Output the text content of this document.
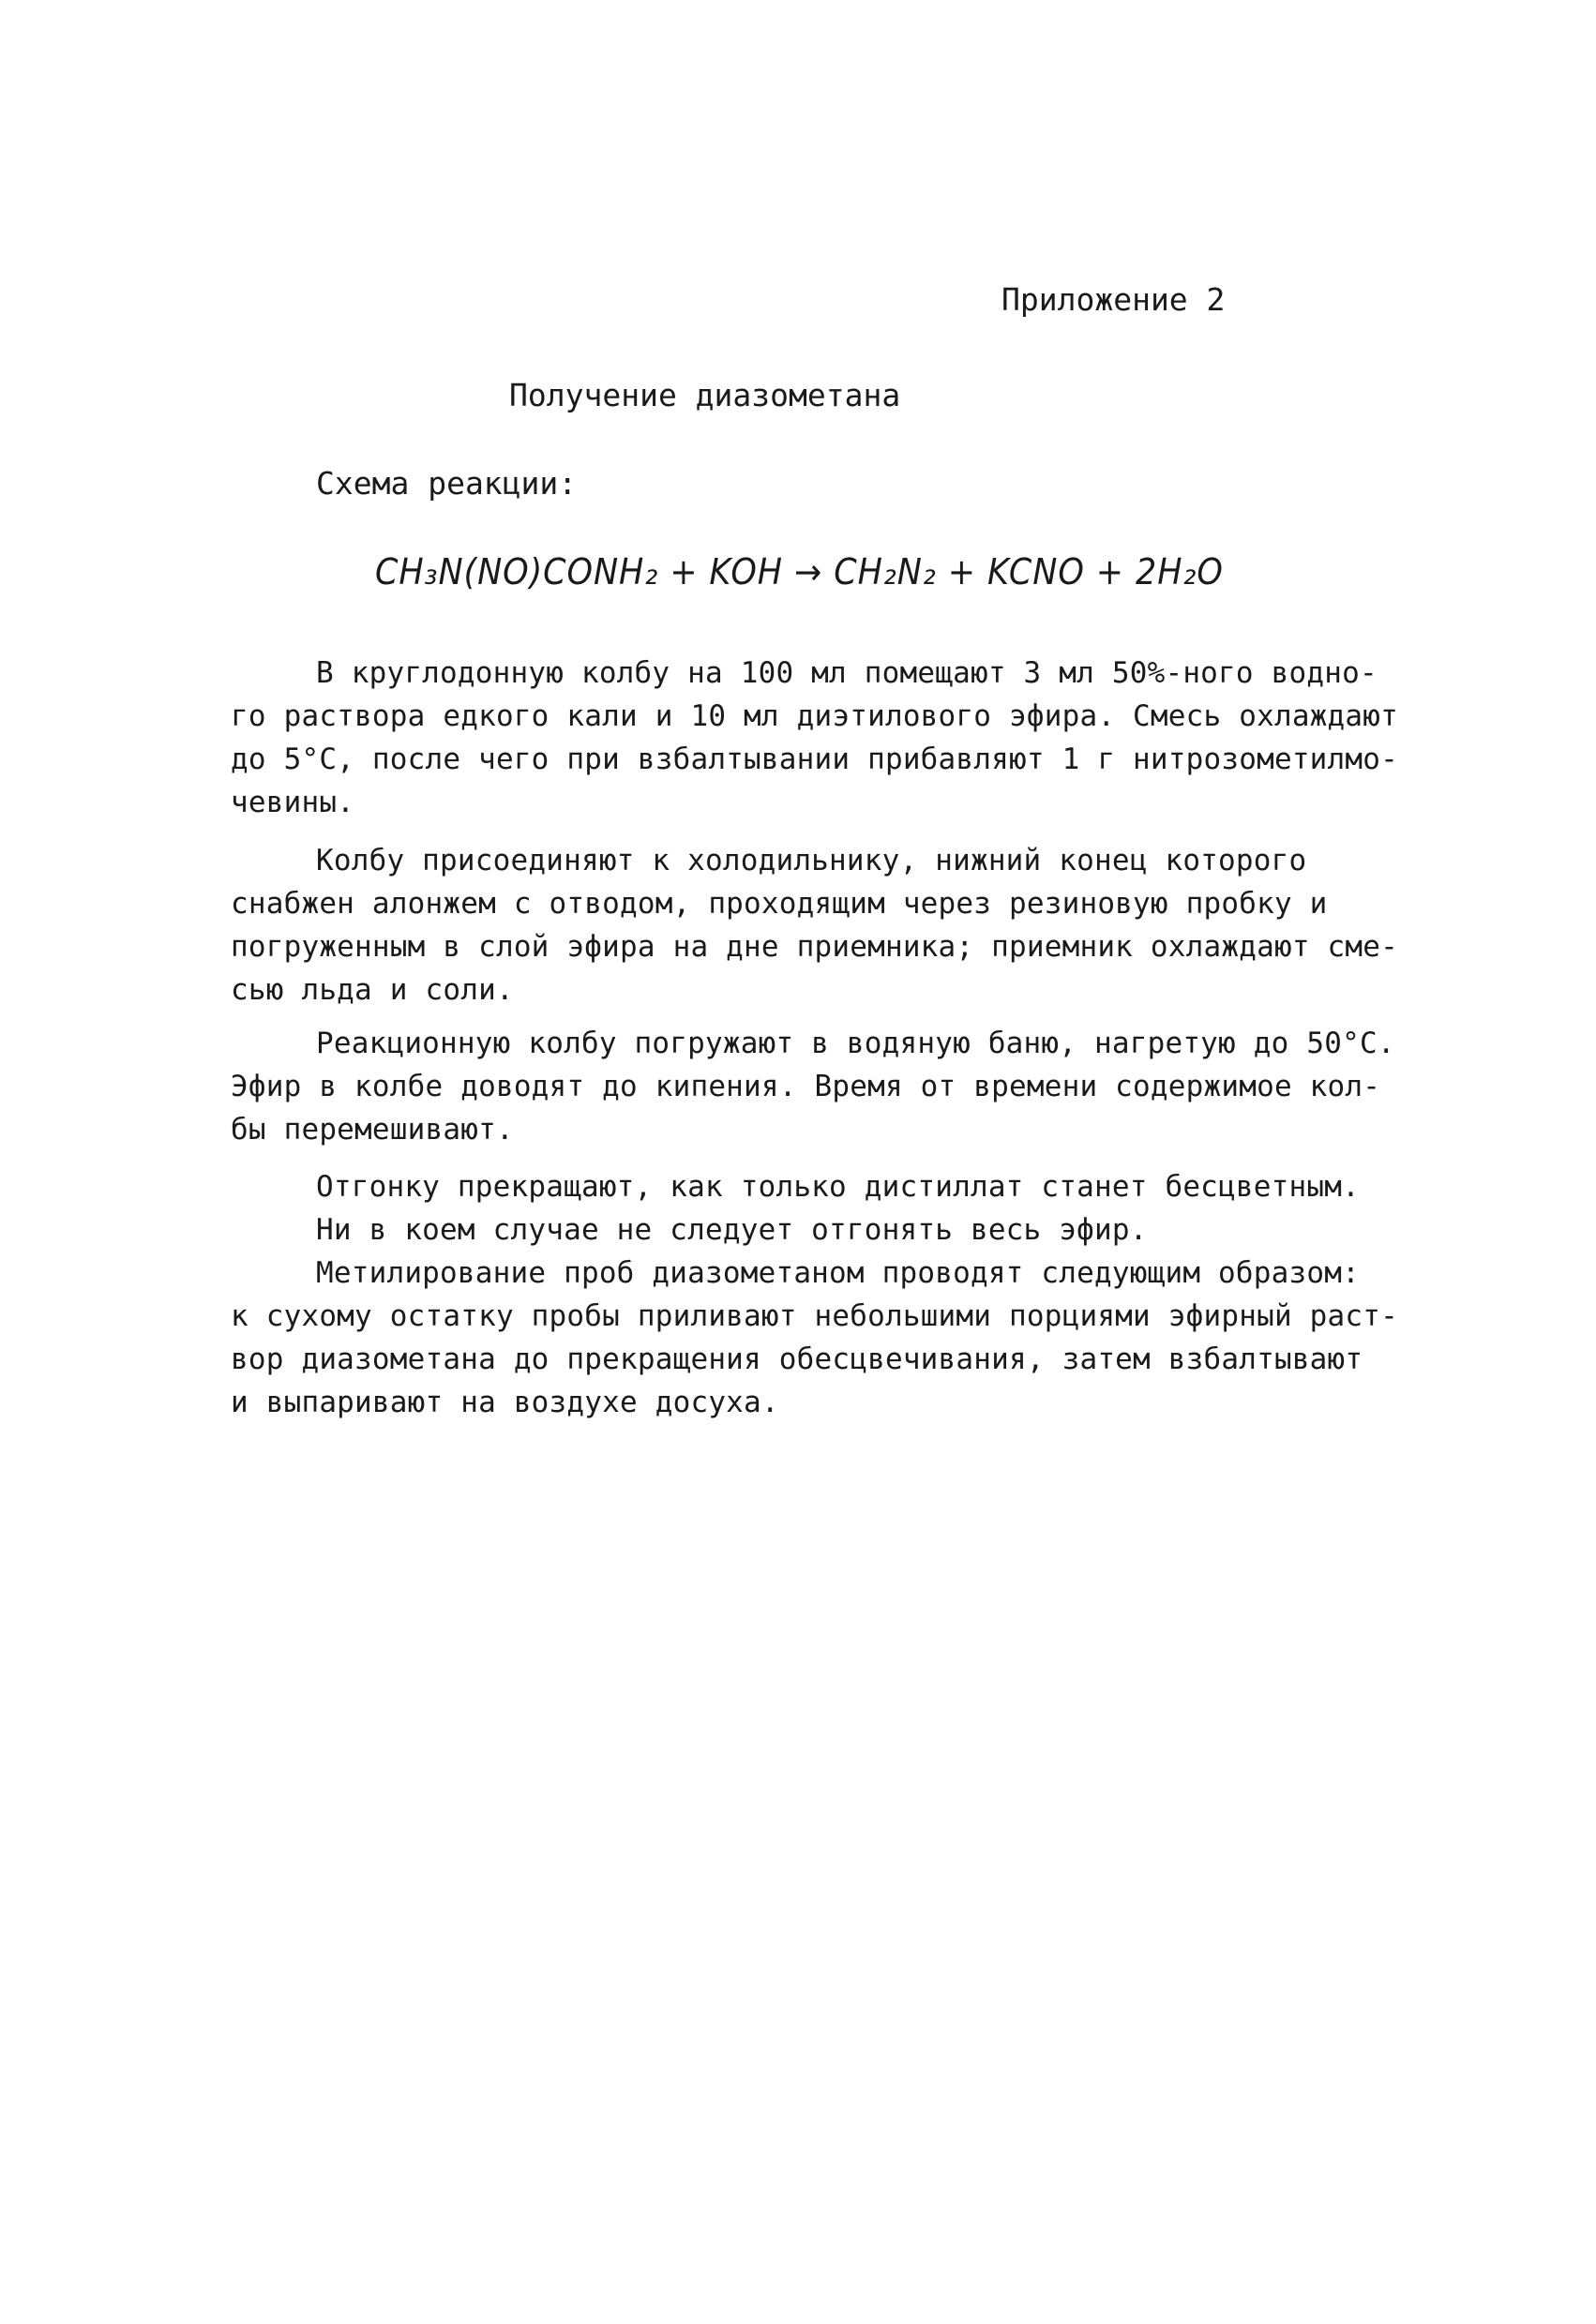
Приложение 2
Получение диазометана
Схема реакции:
CH₃N(NO)CONH₂ + KOH → CH₂N₂ + KCNO + 2H₂O
В круглодонную колбу на 100 мл помещают 3 мл 50%-ного водно-
го раствора едкого кали и 10 мл диэтилового эфира. Смесь охлаждают
до 5°С, после чего при взбалтывании прибавляют 1 г нитрозометилмо-
чевины.
Колбу присоединяют к холодильнику, нижний конец которого
снабжен алонжем с отводом, проходящим через резиновую пробку и
погруженным в слой эфира на дне приемника; приемник охлаждают сме-
сью льда и соли.
Реакционную колбу погружают в водяную баню, нагретую до 50°С.
Эфир в колбе доводят до кипения. Время от времени содержимое кол-
бы перемешивают.
Отгонку прекращают, как только дистиллат станет бесцветным.
Ни в коем случае не следует отгонять весь эфир.
Метилирование проб диазометаном проводят следующим образом:
к сухому остатку пробы приливают небольшими порциями эфирный раст-
вор диазометана до прекращения обесцвечивания, затем взбалтывают
и выпаривают на воздухе досуха.
